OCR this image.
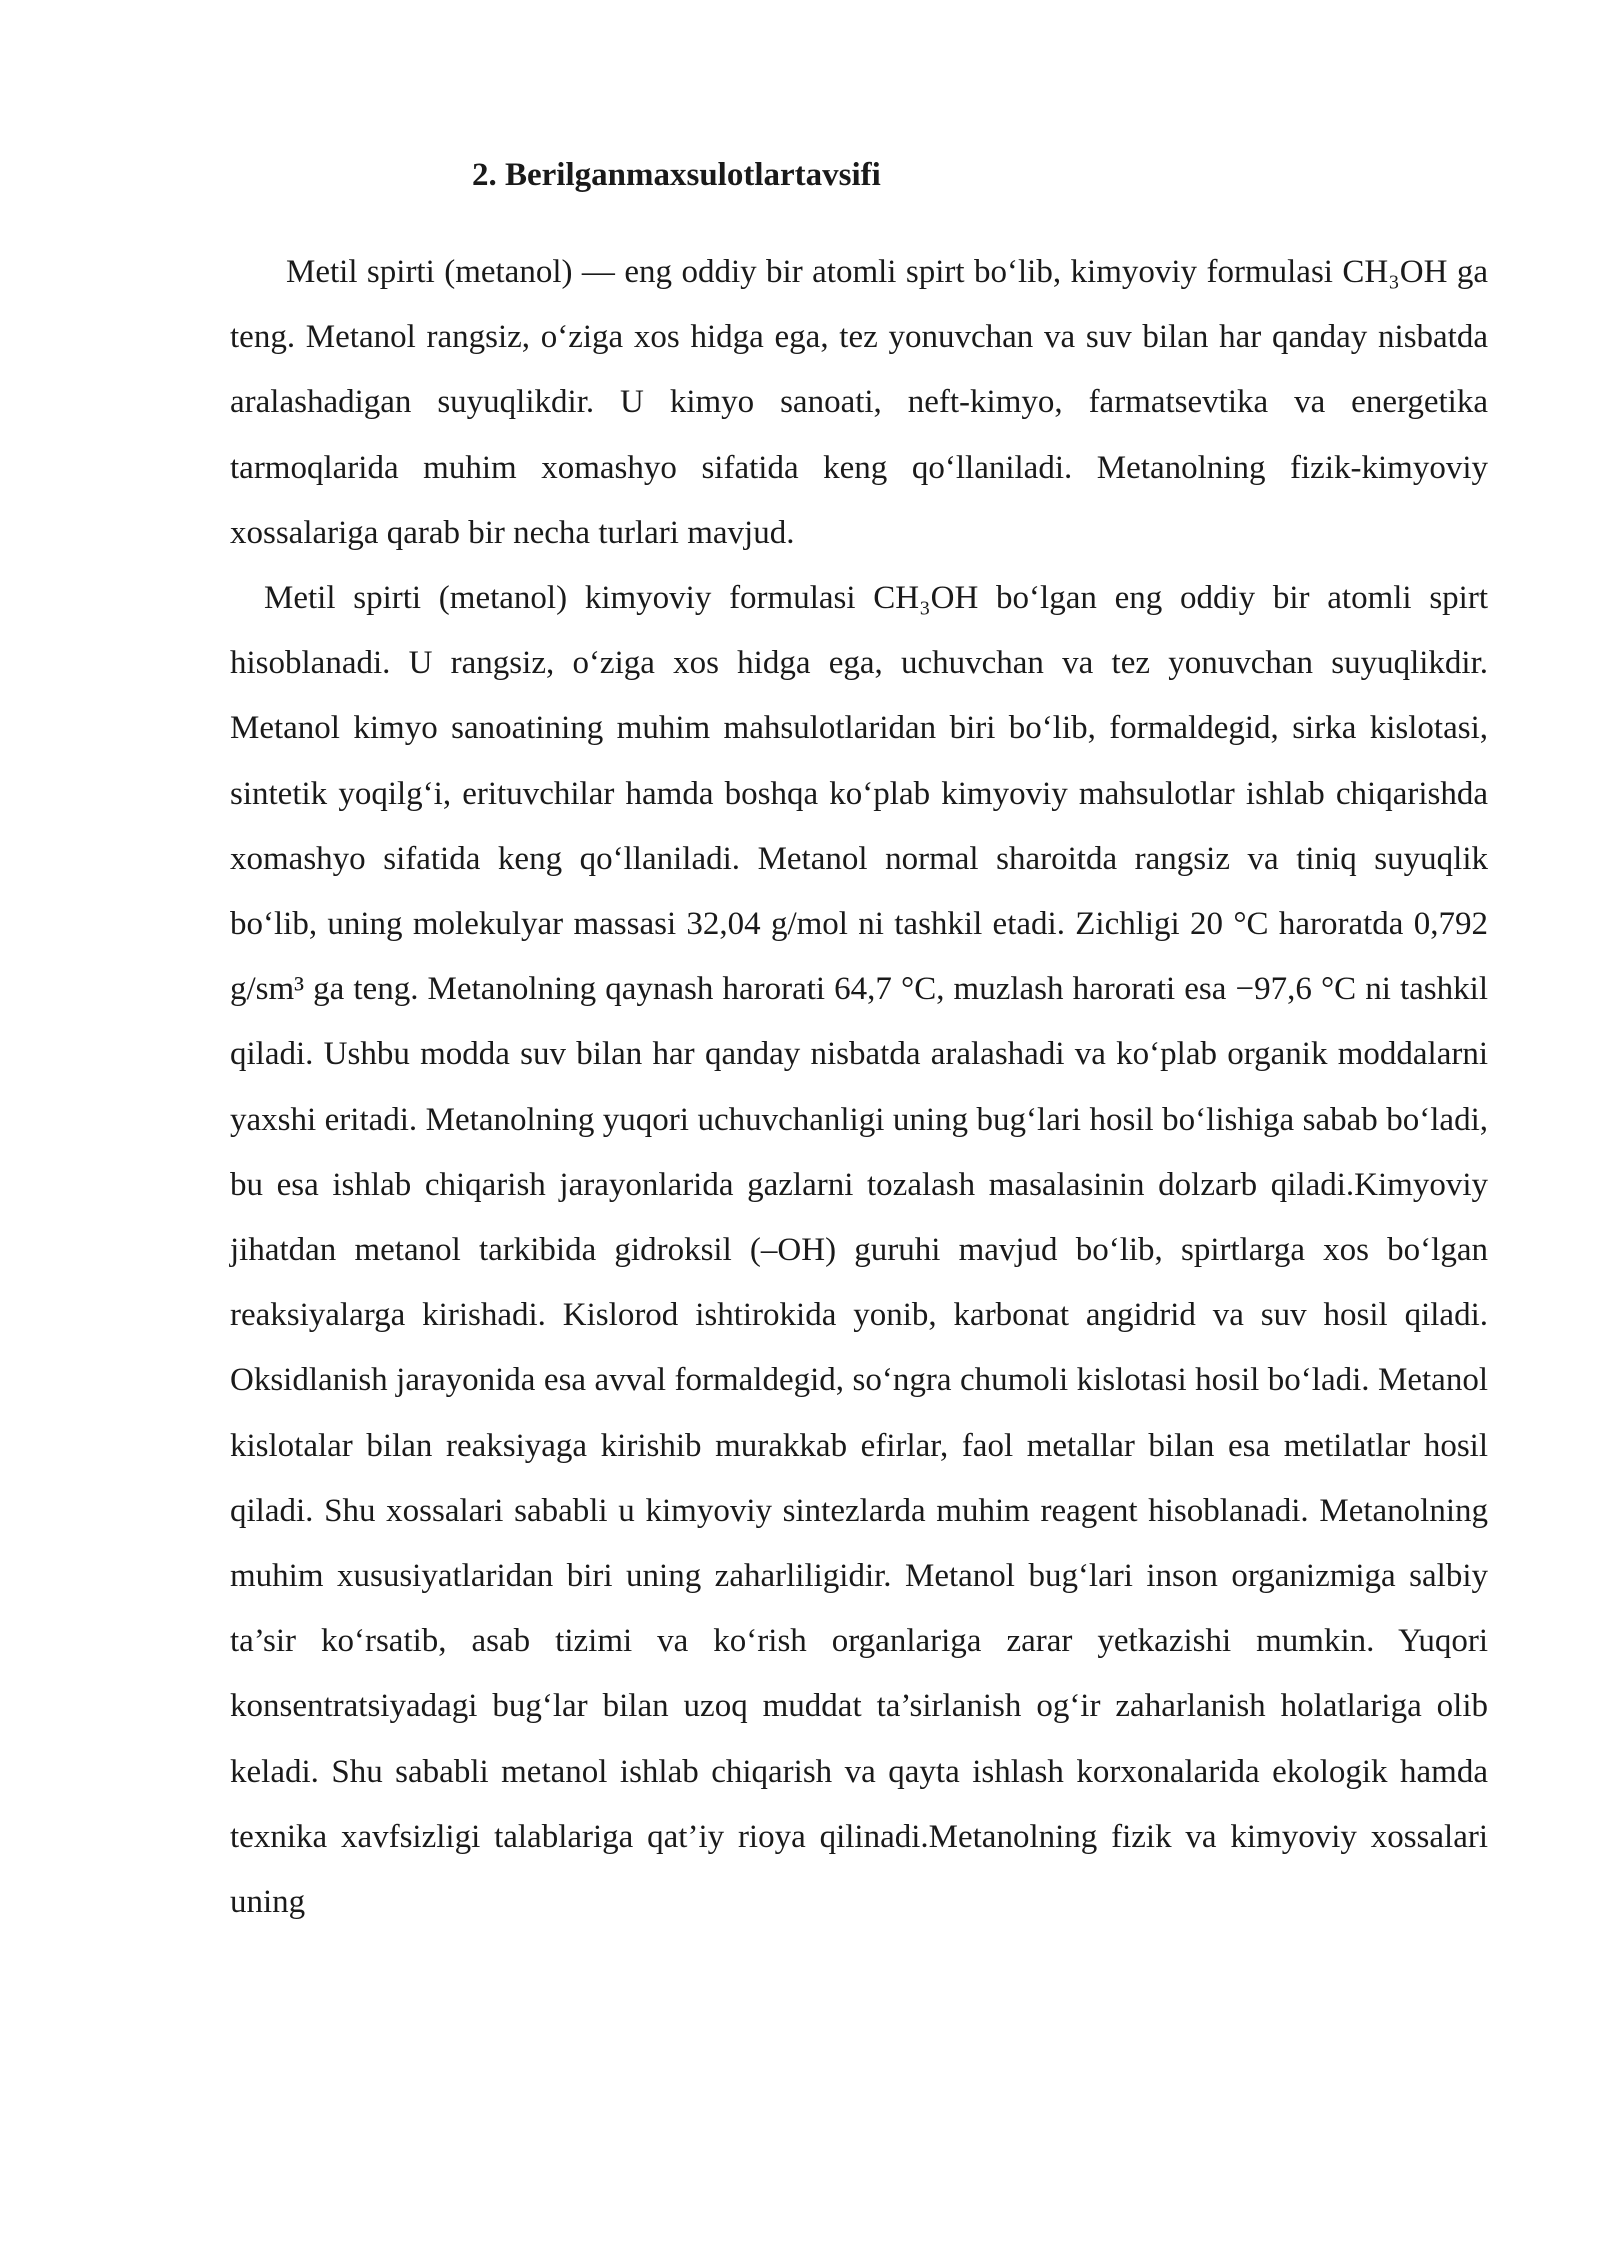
2. Berilganmaxsulotlartavsifi

Metil spirti (metanol) — eng oddiy bir atomli spirt bo‘lib, kimyoviy formulasi CH₃OH ga teng. Metanol rangsiz, o‘ziga xos hidga ega, tez yonuvchan va suv bilan har qanday nisbatda aralashadigan suyuqlikdir. U kimyo sanoati, neft-kimyo, farmatsevtika va energetika tarmoqlarida muhim xomashyo sifatida keng qo‘llaniladi. Metanolning fizik-kimyoviy xossalariga qarab bir necha turlari mavjud.

Metil spirti (metanol) kimyoviy formulasi CH₃OH bo‘lgan eng oddiy bir atomli spirt hisoblanadi. U rangsiz, o‘ziga xos hidga ega, uchuvchan va tez yonuvchan suyuqlikdir. Metanol kimyo sanoatining muhim mahsulotlaridan biri bo‘lib, formaldegid, sirka kislotasi, sintetik yoqilg‘i, erituvchilar hamda boshqa ko‘plab kimyoviy mahsulotlar ishlab chiqarishda xomashyo sifatida keng qo‘llaniladi. Metanol normal sharoitda rangsiz va tiniq suyuqlik bo‘lib, uning molekulyar massasi 32,04 g/mol ni tashkil etadi. Zichligi 20 °C haroratda 0,792 g/sm³ ga teng. Metanolning qaynash harorati 64,7 °C, muzlash harorati esa −97,6 °C ni tashkil qiladi. Ushbu modda suv bilan har qanday nisbatda aralashadi va ko‘plab organik moddalarni yaxshi eritadi. Metanolning yuqori uchuvchanligi uning bug‘lari hosil bo‘lishiga sabab bo‘ladi, bu esa ishlab chiqarish jarayonlarida gazlarni tozalash masalasinin dolzarb qiladi.Kimyoviy jihatdan metanol tarkibida gidroksil (–OH) guruhi mavjud bo‘lib, spirtlarga xos bo‘lgan reaksiyalarga kirishadi. Kislorod ishtirokida yonib, karbonat angidrid va suv hosil qiladi. Oksidlanish jarayonida esa avval formaldegid, so‘ngra chumoli kislotasi hosil bo‘ladi. Metanol kislotalar bilan reaksiyaga kirishib murakkab efirlar, faol metallar bilan esa metilatlar hosil qiladi. Shu xossalari sababli u kimyoviy sintezlarda muhim reagent hisoblanadi. Metanolning muhim xususiyatlaridan biri uning zaharliligidir. Metanol bug‘lari inson organizmiga salbiy ta’sir ko‘rsatib, asab tizimi va ko‘rish organlariga zarar yetkazishi mumkin. Yuqori konsentratsiyadagi bug‘lar bilan uzoq muddat ta’sirlanish og‘ir zaharlanish holatlariga olib keladi. Shu sababli metanol ishlab chiqarish va qayta ishlash korxonalarida ekologik hamda texnika xavfsizligi talablariga qat’iy rioya qilinadi.Metanolning fizik va kimyoviy xossalari uning
